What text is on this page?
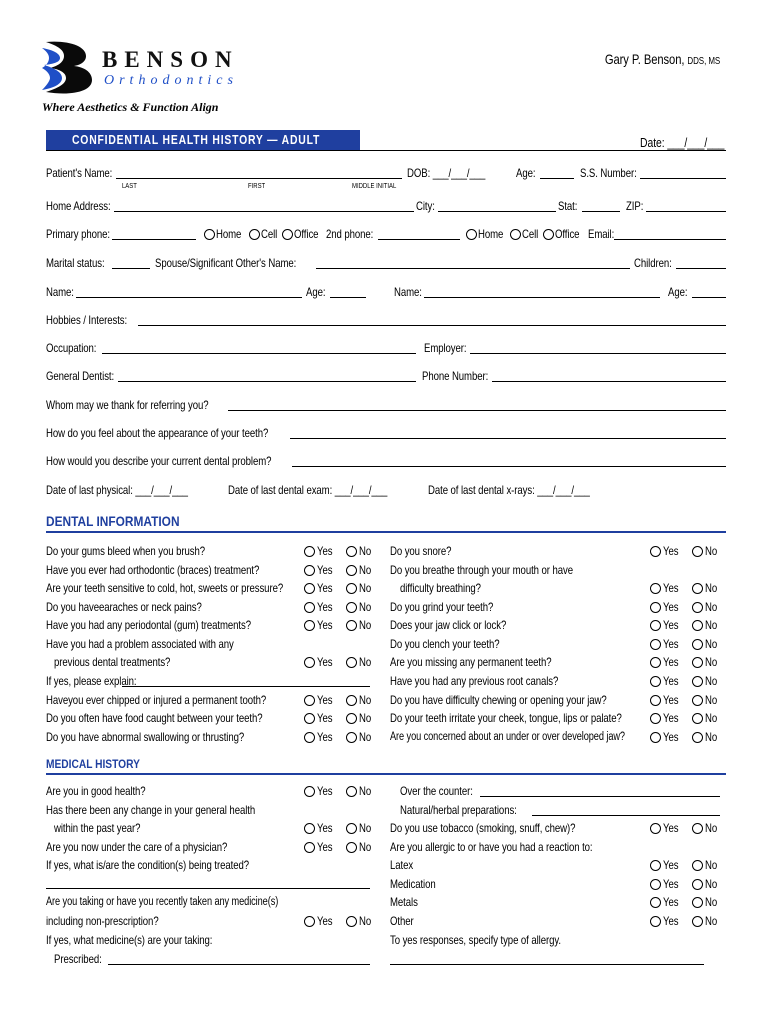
BENSON
Orthodontics
Where Aesthetics & Function Align
Gary P. Benson, DDS, MS
CONFIDENTIAL HEALTH HISTORY — ADULT	Date: ___/___/___
Patient's Name:
LAST	FIRST	MIDDLE INITIAL
DOB: ___/___/___	Age:	S.S. Number:
Home Address:	City:	Stat:	ZIP:
Primary phone:	Home Cell Office 2nd phone:	Home Cell Office Email:
Marital status:	Spouse/Significant Other's Name:	Children:
Name:	Age:	Name:	Age:
Hobbies / Interests:
Occupation:	Employer:
General Dentist:	Phone Number:
Whom may we thank for referring you?
How do you feel about the appearance of your teeth?
How would you describe your current dental problem?
Date of last physical: ___/___/___	Date of last dental exam: ___/___/___	Date of last dental x-rays: ___/___/___
DENTAL INFORMATION
Do your gums bleed when you brush?	Yes No
Have you ever had orthodontic (braces) treatment?	Yes No
Are your teeth sensitive to cold, hot, sweets or pressure?	Yes No
Do you haveearaches or neck pains?	Yes No
Have you had any periodontal (gum) treatments?	Yes No
Have you had a problem associated with any
previous dental treatments?	Yes No
If yes, please explain:
Haveyou ever chipped or injured a permanent tooth?	Yes No
Do you often have food caught between your teeth?	Yes No
Do you have abnormal swallowing or thrusting?	Yes No
Do you snore?	Yes No
Do you breathe through your mouth or have
difficulty breathing?	Yes No
Do you grind your teeth?	Yes No
Does your jaw click or lock?	Yes No
Do you clench your teeth?	Yes No
Are you missing any permanent teeth?	Yes No
Have you had any previous root canals?	Yes No
Do you have difficulty chewing or opening your jaw?	Yes No
Do your teeth irritate your cheek, tongue, lips or palate?	Yes No
Are you concerned about an under or over developed jaw?	Yes No
MEDICAL HISTORY
Are you in good health?	Yes No
Has there been any change in your general health
within the past year?	Yes No
Are you now under the care of a physician?	Yes No
If yes, what is/are the condition(s) being treated?
Are you taking or have you recently taken any medicine(s)
including non-prescription?	Yes No
If yes, what medicine(s) are your taking:
Prescribed:
Over the counter:
Natural/herbal preparations:
Do you use tobacco (smoking, snuff, chew)?	Yes No
Are you allergic to or have you had a reaction to:
Latex	Yes No
Medication	Yes No
Metals	Yes No
Other	Yes No
To yes responses, specify type of allergy.
